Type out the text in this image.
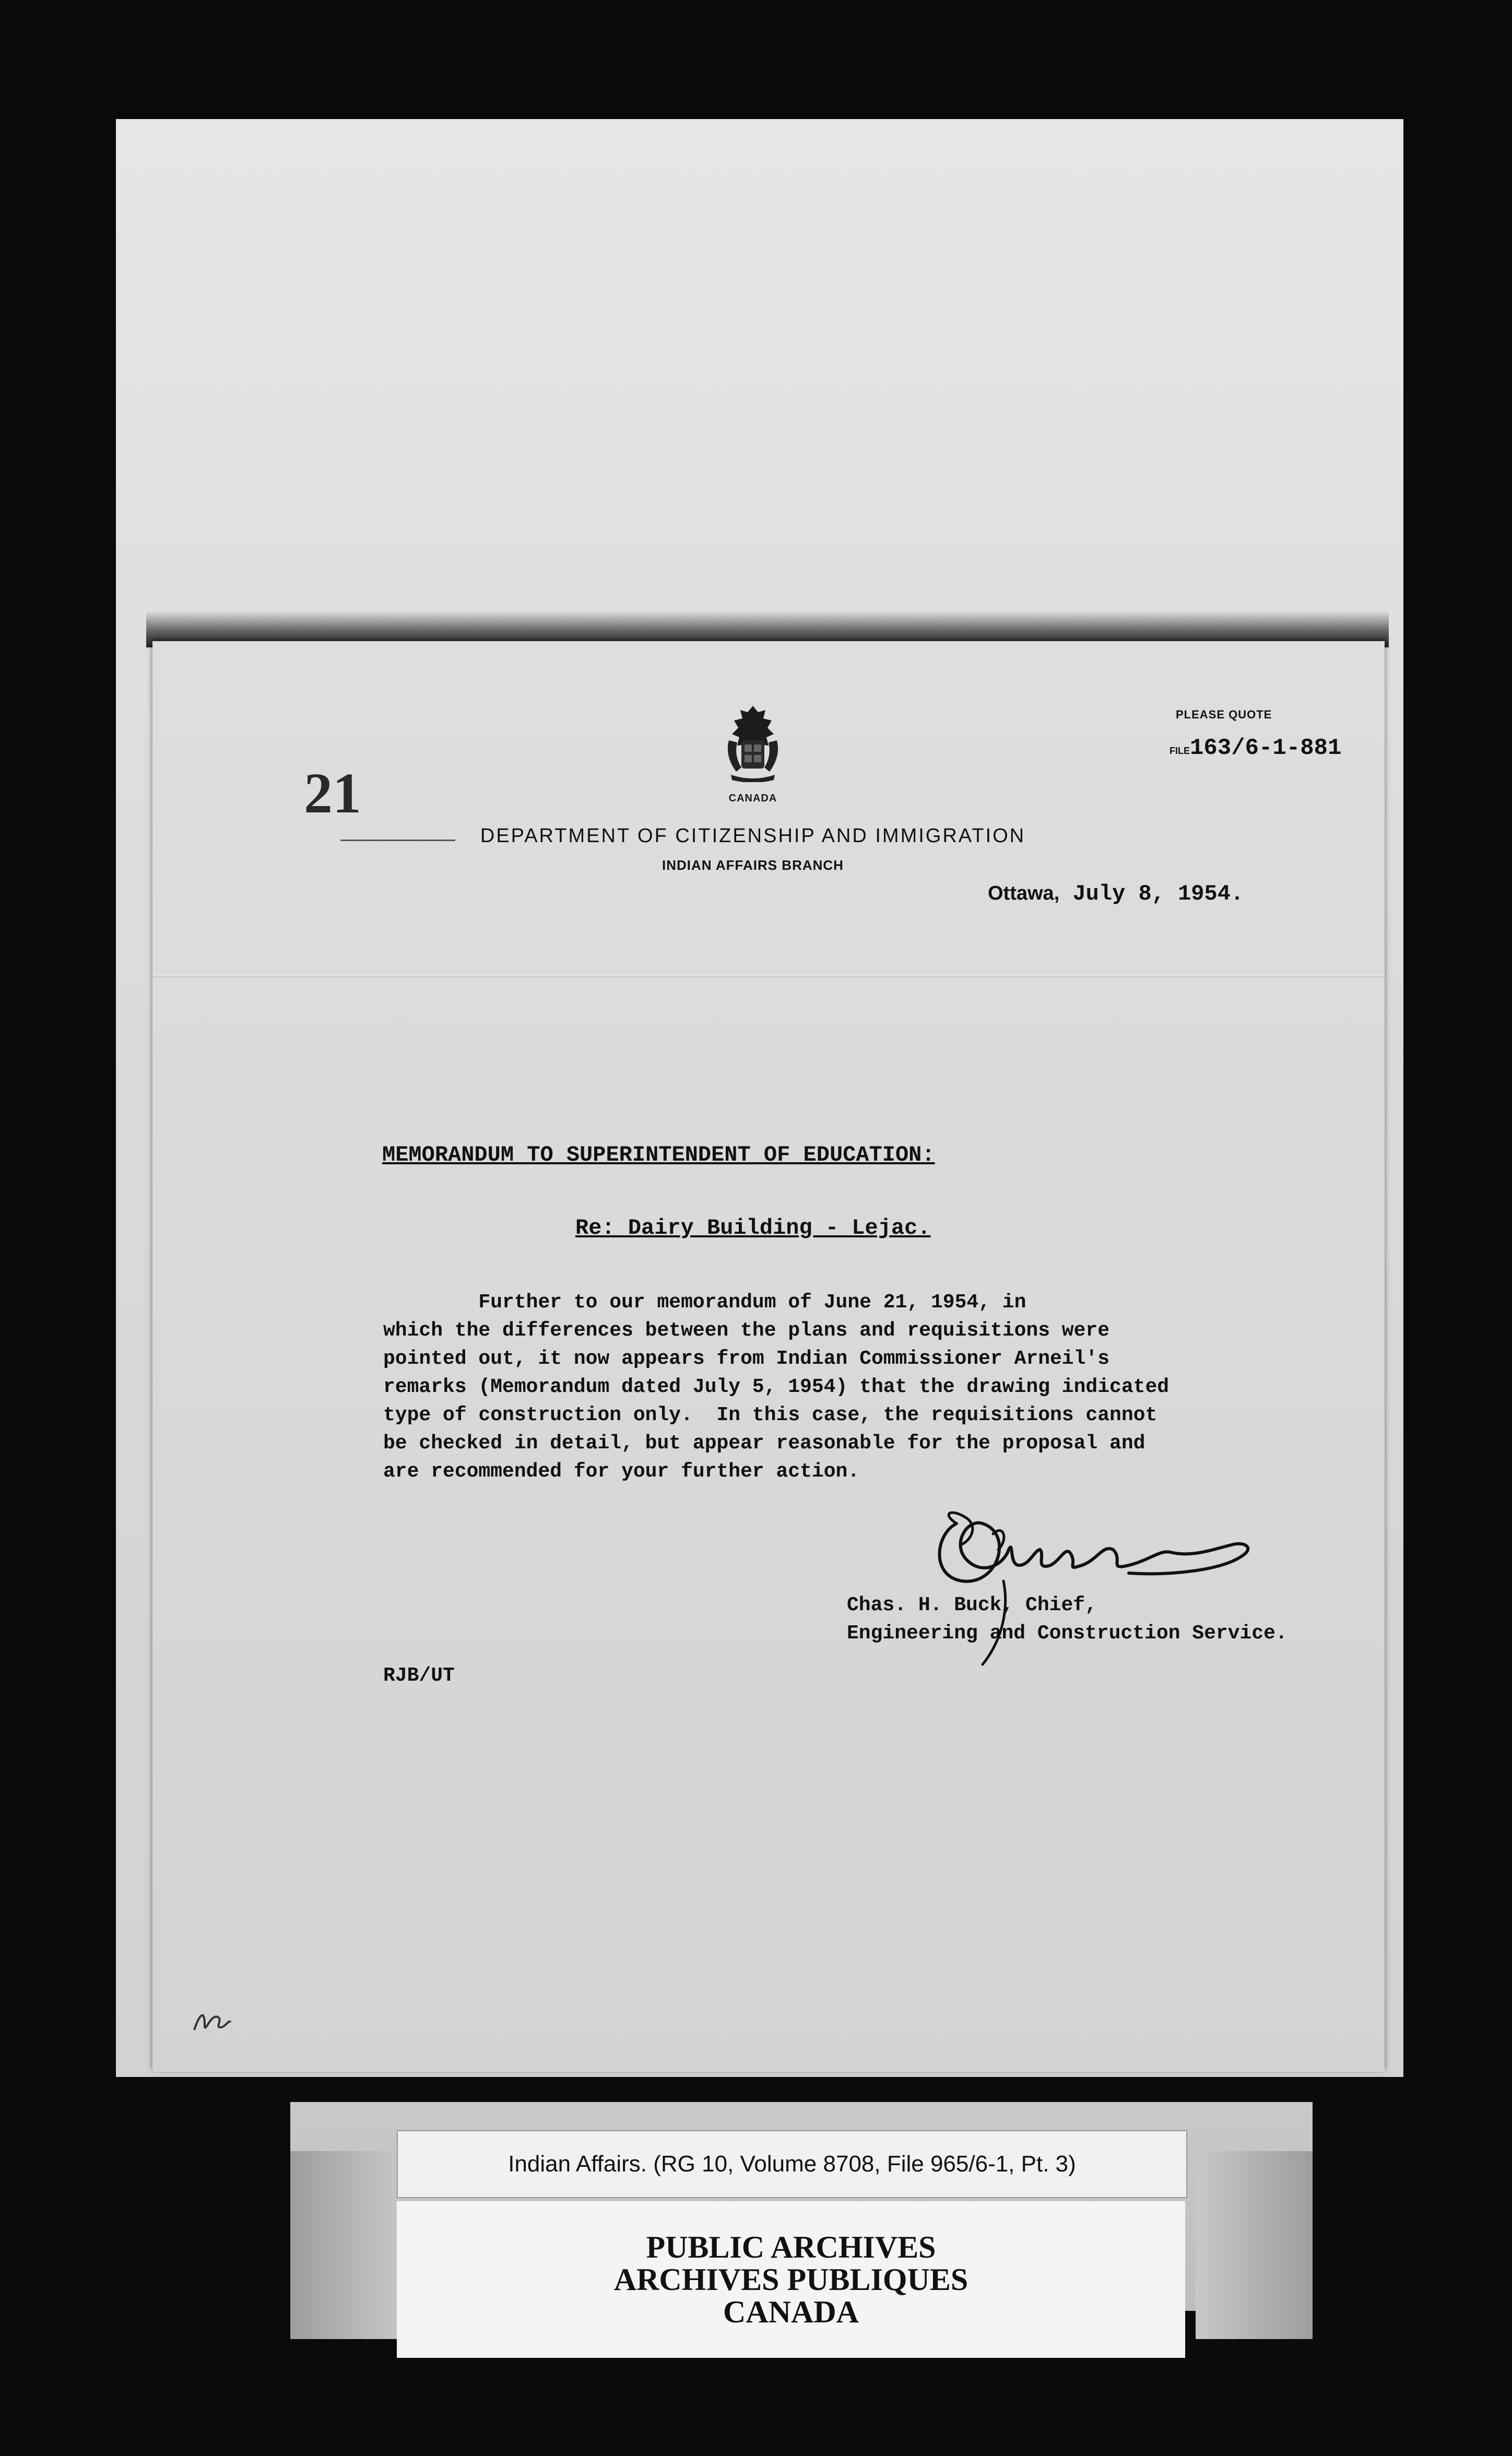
21	CANADA
PLEASE QUOTE
FILE163/6-1-881
DEPARTMENT OF CITIZENSHIP AND IMMIGRATION
INDIAN AFFAIRS BRANCH
Ottawa, July 8, 1954.
MEMORANDUM TO SUPERINTENDENT OF EDUCATION:
Re: Dairy Building - Lejac.
Further to our memorandum of June 21, 1954, in
which the differences between the plans and requisitions were
pointed out, it now appears from Indian Commissioner Arneil's
remarks (Memorandum dated July 5, 1954) that the drawing indicated
type of construction only.  In this case, the requisitions cannot
be checked in detail, but appear reasonable for the proposal and
are recommended for your further action.
Chas. H. Buck, Chief,
Engineering and Construction Service.
RJB/UT
Indian Affairs. (RG 10, Volume 8708, File 965/6-1, Pt. 3)
PUBLIC ARCHIVES
ARCHIVES PUBLIQUES
CANADA
